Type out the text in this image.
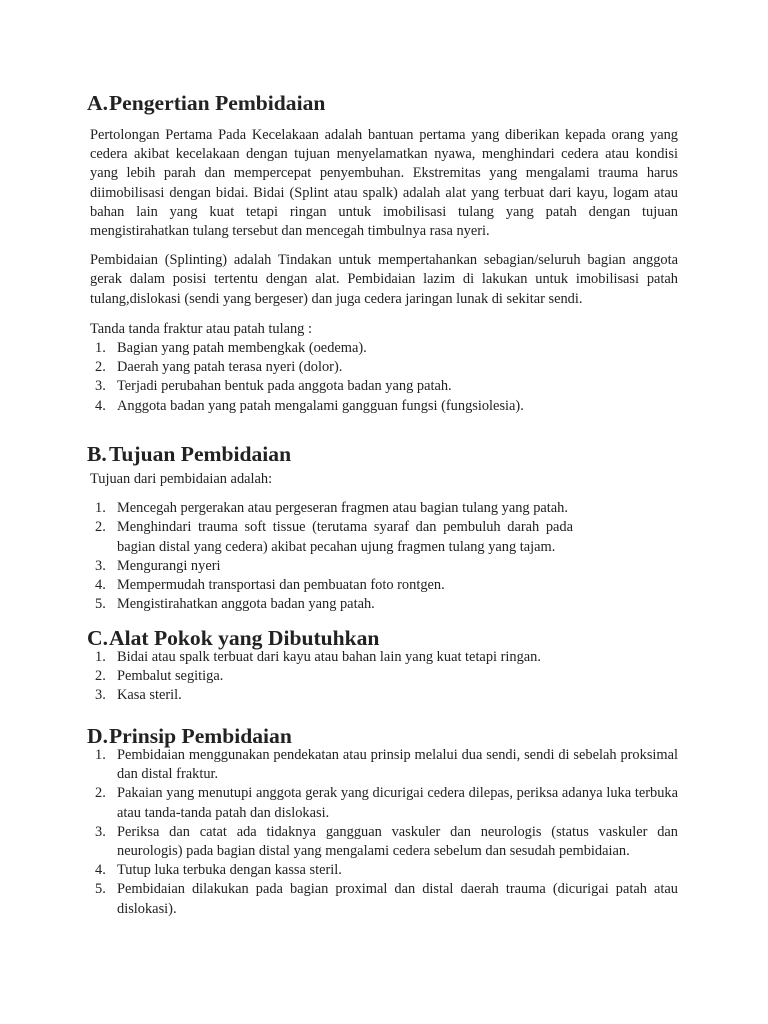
A.Pengertian Pembidaian

Pertolongan Pertama Pada Kecelakaan adalah bantuan pertama yang diberikan kepada orang yang cedera akibat kecelakaan dengan tujuan menyelamatkan nyawa, menghindari cedera atau kondisi yang lebih parah dan mempercepat penyembuhan. Ekstremitas yang mengalami trauma harus diimobilisasi dengan bidai. Bidai (Splint atau spalk) adalah alat yang terbuat dari kayu, logam atau bahan lain yang kuat tetapi ringan untuk imobilisasi tulang yang patah dengan tujuan mengistirahatkan tulang tersebut dan mencegah timbulnya rasa nyeri.

Pembidaian (Splinting) adalah Tindakan untuk mempertahankan sebagian/seluruh bagian anggota gerak dalam posisi tertentu dengan alat. Pembidaian lazim di lakukan untuk imobilisasi patah tulang,dislokasi (sendi yang bergeser) dan juga cedera jaringan lunak di sekitar sendi.

Tanda tanda fraktur atau patah tulang :

1. Bagian yang patah membengkak (oedema).
2. Daerah yang patah terasa nyeri (dolor).
3. Terjadi perubahan bentuk pada anggota badan yang patah.
4. Anggota badan yang patah mengalami gangguan fungsi (fungsiolesia).
B. Tujuan Pembidaian

Tujuan dari pembidaian adalah:

1. Mencegah pergerakan atau pergeseran fragmen atau bagian tulang yang patah.
2. Menghindari trauma soft tissue (terutama syaraf dan pembuluh darah pada bagian distal yang cedera) akibat pecahan ujung fragmen tulang yang tajam.
3. Mengurangi nyeri
4. Mempermudah transportasi dan pembuatan foto rontgen.
5. Mengistirahatkan anggota badan yang patah.
C.Alat Pokok yang Dibutuhkan
1. Bidai atau spalk terbuat dari kayu atau bahan lain yang kuat tetapi ringan.
2. Pembalut segitiga.
3. Kasa steril.
D.Prinsip Pembidaian
1. Pembidaian menggunakan pendekatan atau prinsip melalui dua sendi, sendi di sebelah proksimal dan distal fraktur.
2. Pakaian yang menutupi anggota gerak yang dicurigai cedera dilepas, periksa adanya luka terbuka atau tanda-tanda patah dan dislokasi.
3. Periksa dan catat ada tidaknya gangguan vaskuler dan neurologis (status vaskuler dan neurologis) pada bagian distal yang mengalami cedera sebelum dan sesudah pembidaian.
4. Tutup luka terbuka dengan kassa steril.
5. Pembidaian dilakukan pada bagian proximal dan distal daerah trauma (dicurigai patah atau dislokasi).
